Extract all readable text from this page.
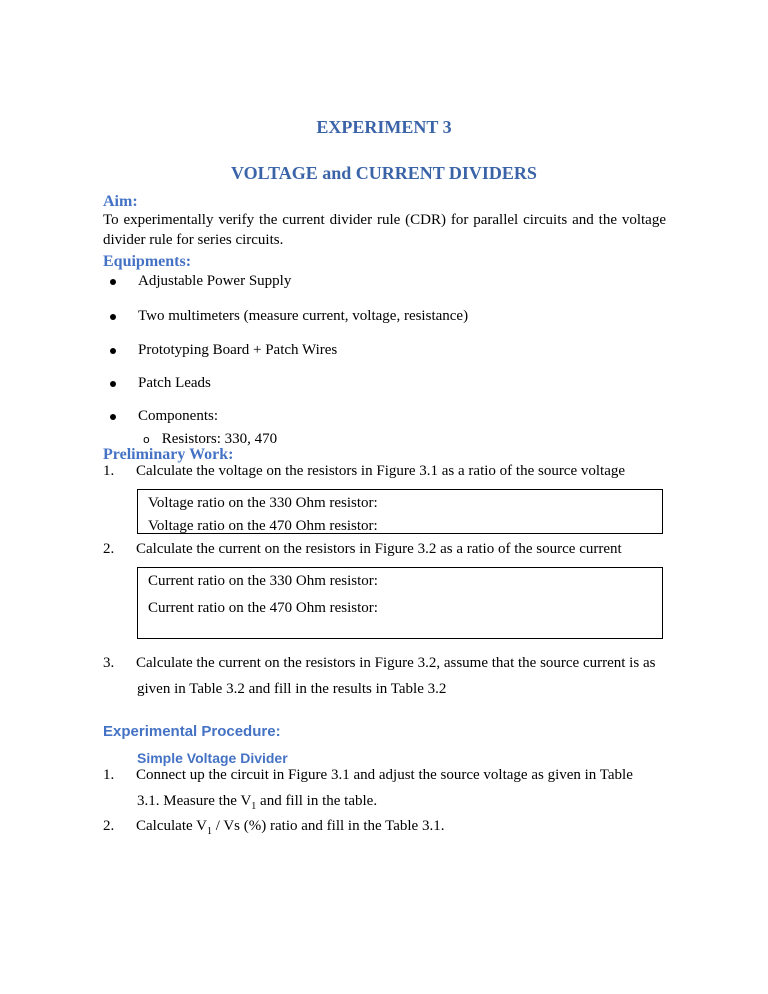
EXPERIMENT 3
VOLTAGE and CURRENT DIVIDERS
Aim:
To experimentally verify the current divider rule (CDR) for parallel circuits and the voltage
divider rule for series circuits.
Equipments:
Adjustable Power Supply
Two multimeters (measure current, voltage, resistance)
Prototyping Board + Patch Wires
Patch Leads
Components:
o Resistors: 330, 470
Preliminary Work:
1. Calculate the voltage on the resistors in Figure 3.1 as a ratio of the source voltage
Voltage ratio on the 330 Ohm resistor:
Voltage ratio on the 470 Ohm resistor:
2. Calculate the current on the resistors in Figure 3.2 as a ratio of the source current
Current ratio on the 330 Ohm resistor:
Current ratio on the 470 Ohm resistor:
3. Calculate the current on the resistors in Figure 3.2, assume that the source current is as
given in Table 3.2 and fill in the results in Table 3.2
Experimental Procedure:
Simple Voltage Divider
1. Connect up the circuit in Figure 3.1 and adjust the source voltage as given in Table
3.1. Measure the $V_1$ and fill in the table.
2. Calculate $V_1$ / Vs (%) ratio and fill in the Table 3.1.
